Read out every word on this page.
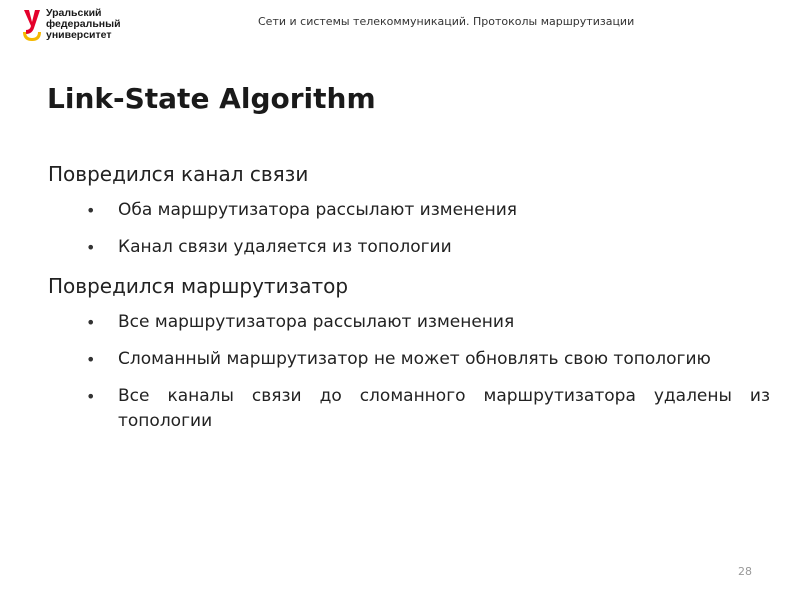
Уральский
федеральный
университет
Сети и системы телекоммуникаций. Протоколы маршрутизации
Link-State Algorithm
Повредился канал связи
• Оба маршрутизатора рассылают изменения
• Канал связи удаляется из топологии
Повредился маршрутизатор
• Все маршрутизатора рассылают изменения
• Сломанный маршрутизатор не может обновлять свою топологию
• Все каналы связи до сломанного маршрутизатора удалены из топологии
28
